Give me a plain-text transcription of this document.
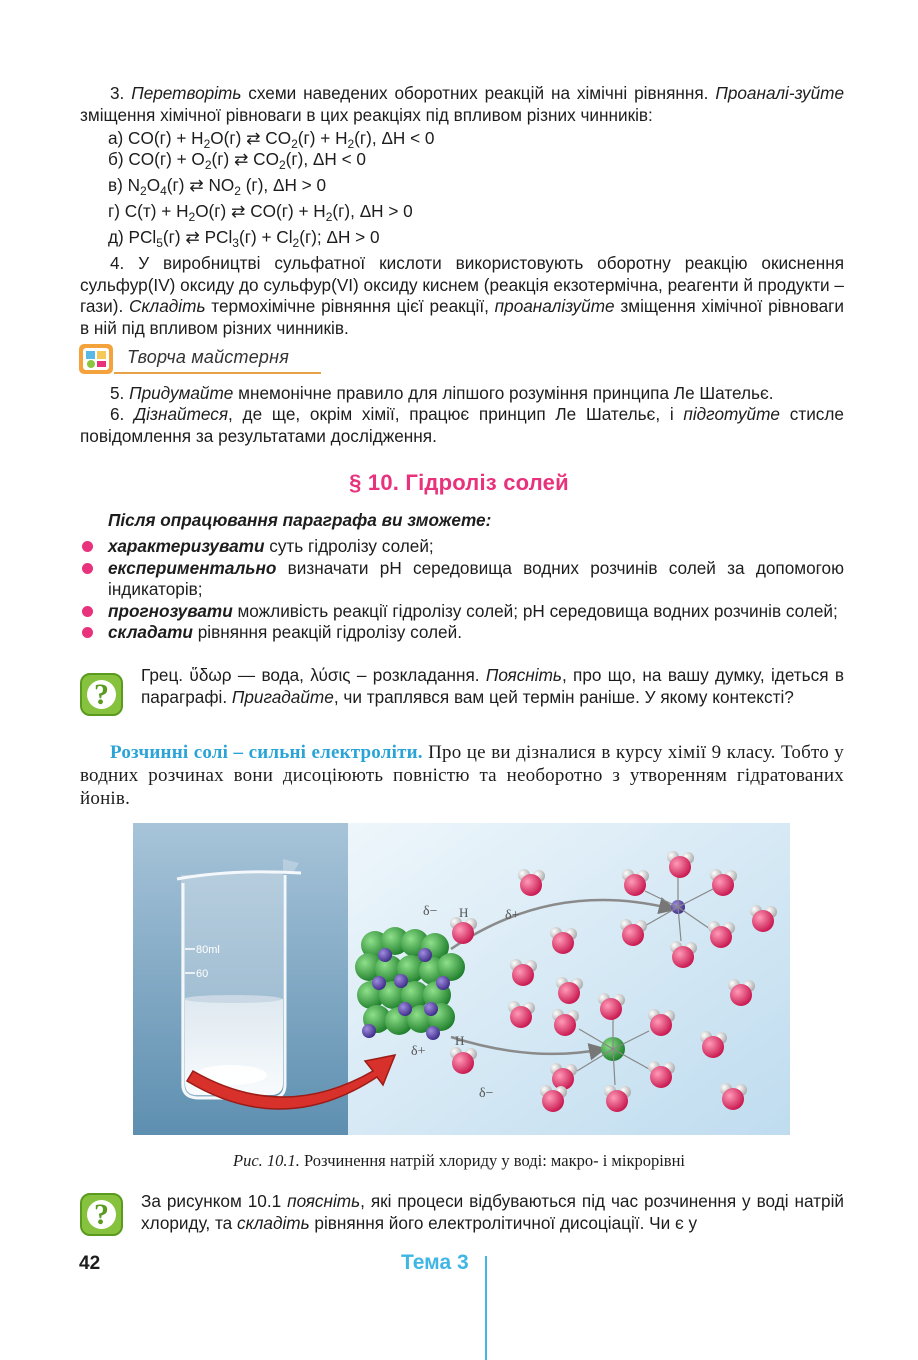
3. Перетворіть схеми наведених оборотних реакцій на хімічні рівняння. Проаналі-зуйте зміщення хімічної рівноваги в цих реакціях під впливом різних чинників:
а) $CO(г) + H_2O(г)$ ⇄ $CO_2(г) + H_2(г)$, ΔH < 0
б) $CO(г) + O_2(г)$ ⇄ $CO_2(г)$, ΔH < 0
в) $N_2O_4(г)$ ⇄ $NO_2$ (г), ΔH > 0
г) $C(т) + H_2O(г)$ ⇄ $CO(г) + H_2(г)$, ΔH > 0
д) PCl$_5$(г) ⇄ $PCl_3(г) + Cl_2(г)$; ΔH > 0
4. У виробництві сульфатної кислоти використовують оборотну реакцію окиснення сульфур(IV) оксиду до сульфур(VI) оксиду киснем (реакція екзотермічна, реагенти й продукти – гази). Складіть термохімічне рівняння цієї реакції, проаналізуйте зміщення хімічної рівноваги в ній під впливом різних чинників.
Творча майстерня
5. Придумайте мнемонічне правило для ліпшого розуміння принципа Ле Шательє.
6. Дізнайтеся, де ще, окрім хімії, працює принцип Ле Шательє, і підготуйте стисле повідомлення за результатами дослідження.
§ 10. Гідроліз солей
Після опрацювання параграфа ви зможете:
характеризувати суть гідролізу солей;
експериментально визначати pH середовища водних розчинів солей за допомогою індикаторів;
прогнозувати можливість реакції гідролізу солей; pH середовища водних розчинів солей;
складати рівняння реакцій гідролізу солей.
?
Грец. ὕδωρ — вода, λύσις – розкладання. Поясніть, про що, на вашу думку, ідеться в параграфі. Пригадайте, чи траплявся вам цей термін раніше. У якому контексті?
Розчинні солі – сильні електроліти. Про це ви дізналися в курсу хімії 9 класу. Тобто у водних розчинах вони дисоціюють повністю та необоротно з утворенням гідратованих йонів.
80ml
60
δ−	δ+
H
δ+
δ−
H
Рис. 10.1. Розчинення натрій хлориду у воді: макро- і мікрорівні
?	За рисунком 10.1 поясніть, які процеси відбуваються під час розчинення у воді натрій хлориду, та складіть рівняння його електролітичної дисоціації. Чи є у
42	Тема 3
